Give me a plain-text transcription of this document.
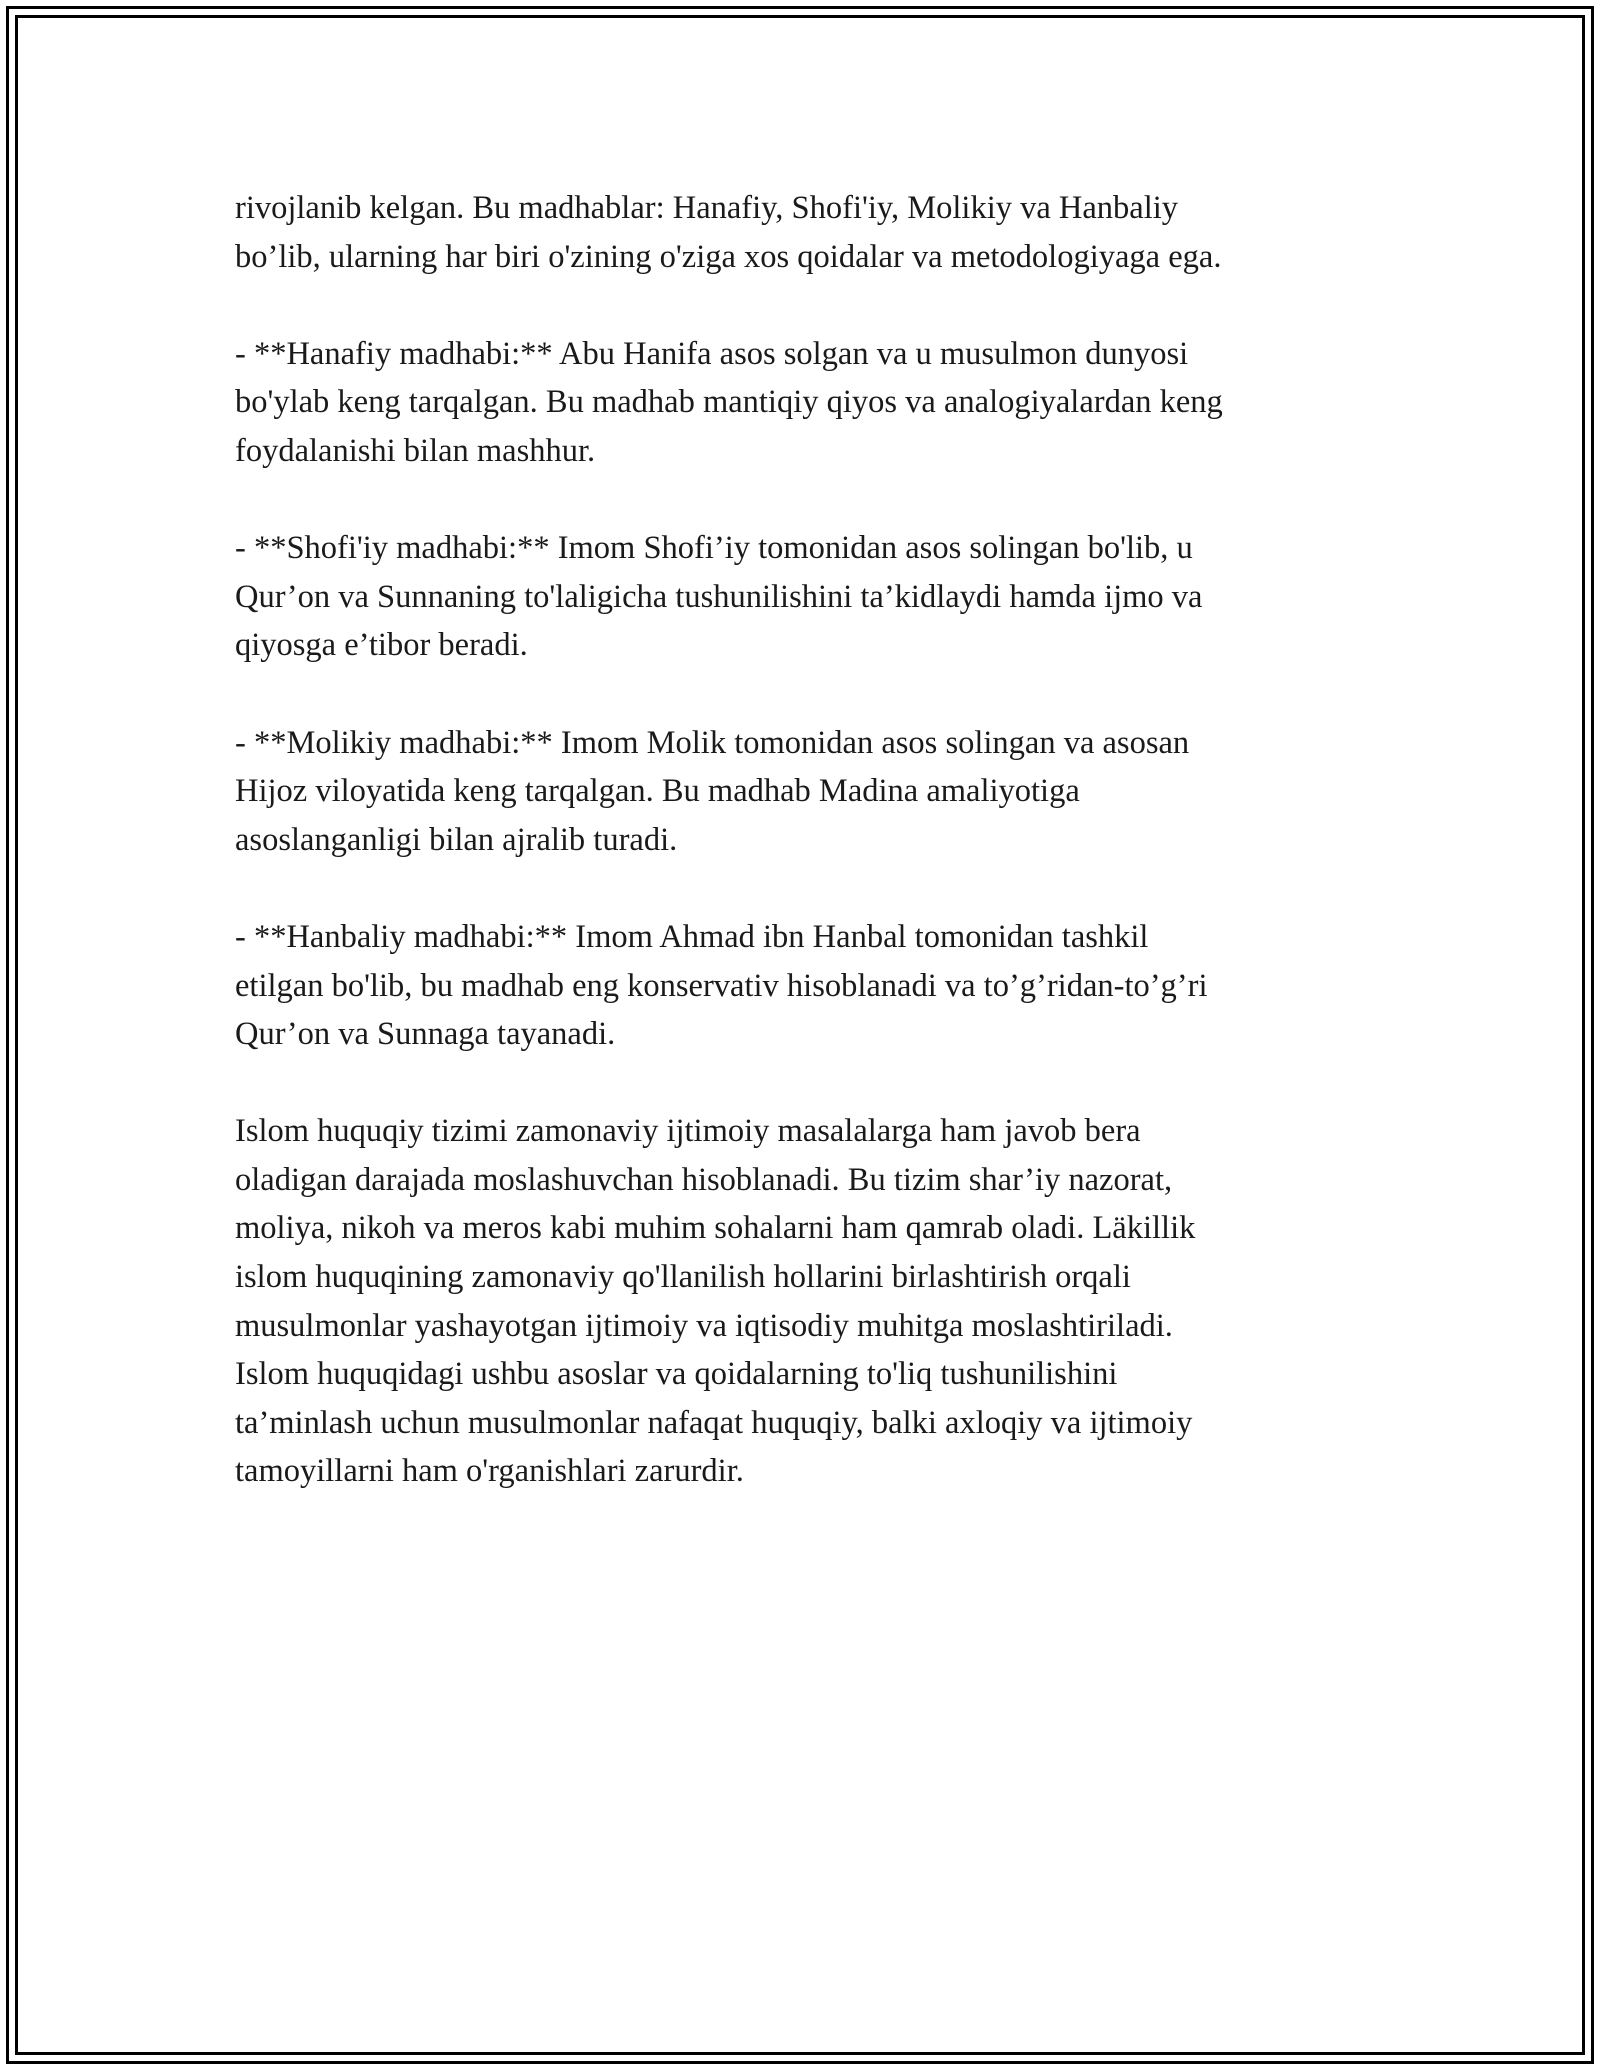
rivojlanib kelgan. Bu madhablar: Hanafiy, Shofi'iy, Molikiy va Hanbaliy
bo’lib, ularning har biri o'zining o'ziga xos qoidalar va metodologiyaga ega.

- **Hanafiy madhabi:** Abu Hanifa asos solgan va u musulmon dunyosi
bo'ylab keng tarqalgan. Bu madhab mantiqiy qiyos va analogiyalardan keng
foydalanishi bilan mashhur.

- **Shofi'iy madhabi:** Imom Shofi’iy tomonidan asos solingan bo'lib, u
Qur’on va Sunnaning to'laligicha tushunilishini ta’kidlaydi hamda ijmo va
qiyosga e’tibor beradi.

- **Molikiy madhabi:** Imom Molik tomonidan asos solingan va asosan
Hijoz viloyatida keng tarqalgan. Bu madhab Madina amaliyotiga
asoslanganligi bilan ajralib turadi.

- **Hanbaliy madhabi:** Imom Ahmad ibn Hanbal tomonidan tashkil
etilgan bo'lib, bu madhab eng konservativ hisoblanadi va to’g’ridan-to’g’ri
Qur’on va Sunnaga tayanadi.

Islom huquqiy tizimi zamonaviy ijtimoiy masalalarga ham javob bera
oladigan darajada moslashuvchan hisoblanadi. Bu tizim shar’iy nazorat,
moliya, nikoh va meros kabi muhim sohalarni ham qamrab oladi. Läkillik
islom huquqining zamonaviy qo'llanilish hollarini birlashtirish orqali
musulmonlar yashayotgan ijtimoiy va iqtisodiy muhitga moslashtiriladi.
Islom huquqidagi ushbu asoslar va qoidalarning to'liq tushunilishini
ta’minlash uchun musulmonlar nafaqat huquqiy, balki axloqiy va ijtimoiy
tamoyillarni ham o'rganishlari zarurdir.
